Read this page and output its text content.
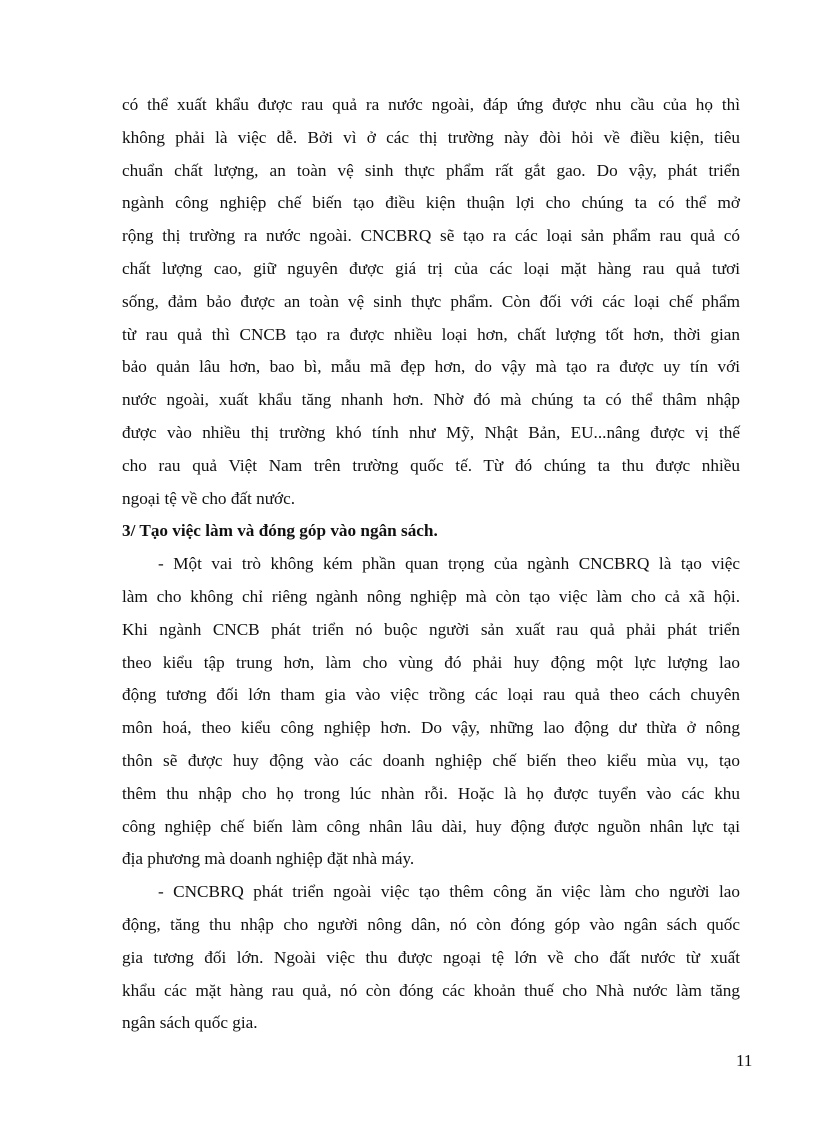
có thể xuất khẩu được rau quả ra nước ngoài, đáp ứng được nhu cầu của họ thì
không phải là việc dễ. Bởi vì ở các thị trường này đòi hỏi về điều kiện, tiêu
chuẩn chất lượng, an toàn vệ sinh thực phẩm rất gắt gao. Do vậy, phát triển
ngành công nghiệp chế biến tạo điều kiện thuận lợi cho chúng ta có thể mở
rộng thị trường ra nước ngoài. CNCBRQ sẽ tạo ra các loại sản phẩm rau quả có
chất lượng cao, giữ nguyên được giá trị của các loại mặt hàng rau quả tươi
sống, đảm bảo được an toàn vệ sinh thực phẩm. Còn đối với các loại chế phẩm
từ rau quả thì CNCB tạo ra được nhiều loại hơn, chất lượng tốt hơn, thời gian
bảo quản lâu hơn, bao bì, mẫu mã đẹp hơn, do vậy mà tạo ra được uy tín với
nước ngoài, xuất khẩu tăng nhanh hơn. Nhờ đó mà chúng ta có thể thâm nhập
được vào nhiều thị trường khó tính như Mỹ, Nhật Bản, EU...nâng được vị thế
cho rau quả Việt Nam trên trường quốc tế. Từ đó chúng ta thu được nhiều
ngoại tệ về cho đất nước.
3/ Tạo việc làm và đóng góp vào ngân sách.
- Một vai trò không kém phần quan trọng của ngành CNCBRQ là tạo việc
làm cho không chỉ riêng ngành nông nghiệp mà còn tạo việc làm cho cả xã hội.
Khi ngành CNCB phát triển nó buộc người sản xuất rau quả phải phát triển
theo kiểu tập trung hơn, làm cho vùng đó phải huy động một lực lượng lao
động tương đối lớn tham gia vào việc trồng các loại rau quả theo cách chuyên
môn hoá, theo kiểu công nghiệp hơn. Do vậy, những lao động dư thừa ở nông
thôn sẽ được huy động vào các doanh nghiệp chế biến theo kiểu mùa vụ, tạo
thêm thu nhập cho họ trong lúc nhàn rỗi. Hoặc là họ được tuyển vào các khu
công nghiệp chế biến làm công nhân lâu dài, huy động được nguồn nhân lực tại
địa phương mà doanh nghiệp đặt nhà máy.
- CNCBRQ phát triển ngoài việc tạo thêm công ăn việc làm cho người lao
động, tăng thu nhập cho người nông dân, nó còn đóng góp vào ngân sách quốc
gia tương đối lớn. Ngoài việc thu được ngoại tệ lớn về cho đất nước từ xuất
khẩu các mặt hàng rau quả, nó còn đóng các khoản thuế cho Nhà nước làm tăng
ngân sách quốc gia.
11
